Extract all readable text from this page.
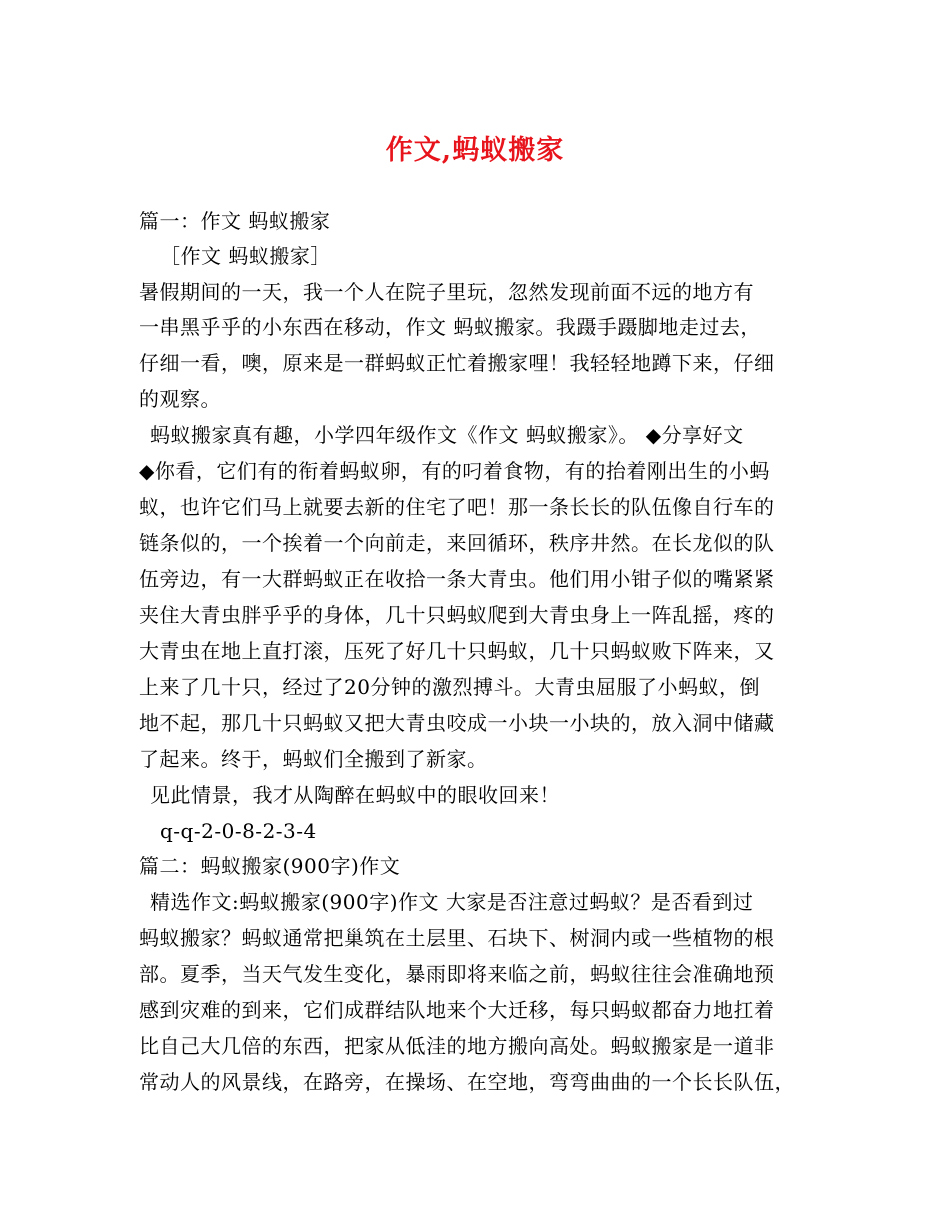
作文,蚂蚁搬家
篇一：作文 蚂蚁搬家
［作文 蚂蚁搬家］
暑假期间的一天，我一个人在院子里玩，忽然发现前面不远的地方有
一串黑乎乎的小东西在移动，作文 蚂蚁搬家。我蹑手蹑脚地走过去，
仔细一看，噢，原来是一群蚂蚁正忙着搬家哩！我轻轻地蹲下来，仔细
的观察。
蚂蚁搬家真有趣，小学四年级作文《作文 蚂蚁搬家》。 ◆分享好文
◆你看，它们有的衔着蚂蚁卵，有的叼着食物，有的抬着刚出生的小蚂
蚁，也许它们马上就要去新的住宅了吧！那一条长长的队伍像自行车的
链条似的，一个挨着一个向前走，来回循环，秩序井然。在长龙似的队
伍旁边，有一大群蚂蚁正在收拾一条大青虫。他们用小钳子似的嘴紧紧
夹住大青虫胖乎乎的身体，几十只蚂蚁爬到大青虫身上一阵乱摇，疼的
大青虫在地上直打滚，压死了好几十只蚂蚁，几十只蚂蚁败下阵来，又
上来了几十只，经过了20分钟的激烈搏斗。大青虫屈服了小蚂蚁，倒
地不起，那几十只蚂蚁又把大青虫咬成一小块一小块的，放入洞中储藏
了起来。终于，蚂蚁们全搬到了新家。
见此情景，我才从陶醉在蚂蚁中的眼收回来！
q-q-2-0-8-2-3-4
篇二：蚂蚁搬家(900字)作文
精选作文:蚂蚁搬家(900字)作文 大家是否注意过蚂蚁？是否看到过
蚂蚁搬家？蚂蚁通常把巢筑在土层里、石块下、树洞内或一些植物的根
部。夏季，当天气发生变化，暴雨即将来临之前，蚂蚁往往会准确地预
感到灾难的到来，它们成群结队地来个大迁移，每只蚂蚁都奋力地扛着
比自己大几倍的东西，把家从低洼的地方搬向高处。蚂蚁搬家是一道非
常动人的风景线，在路旁，在操场、在空地，弯弯曲曲的一个长长队伍，
